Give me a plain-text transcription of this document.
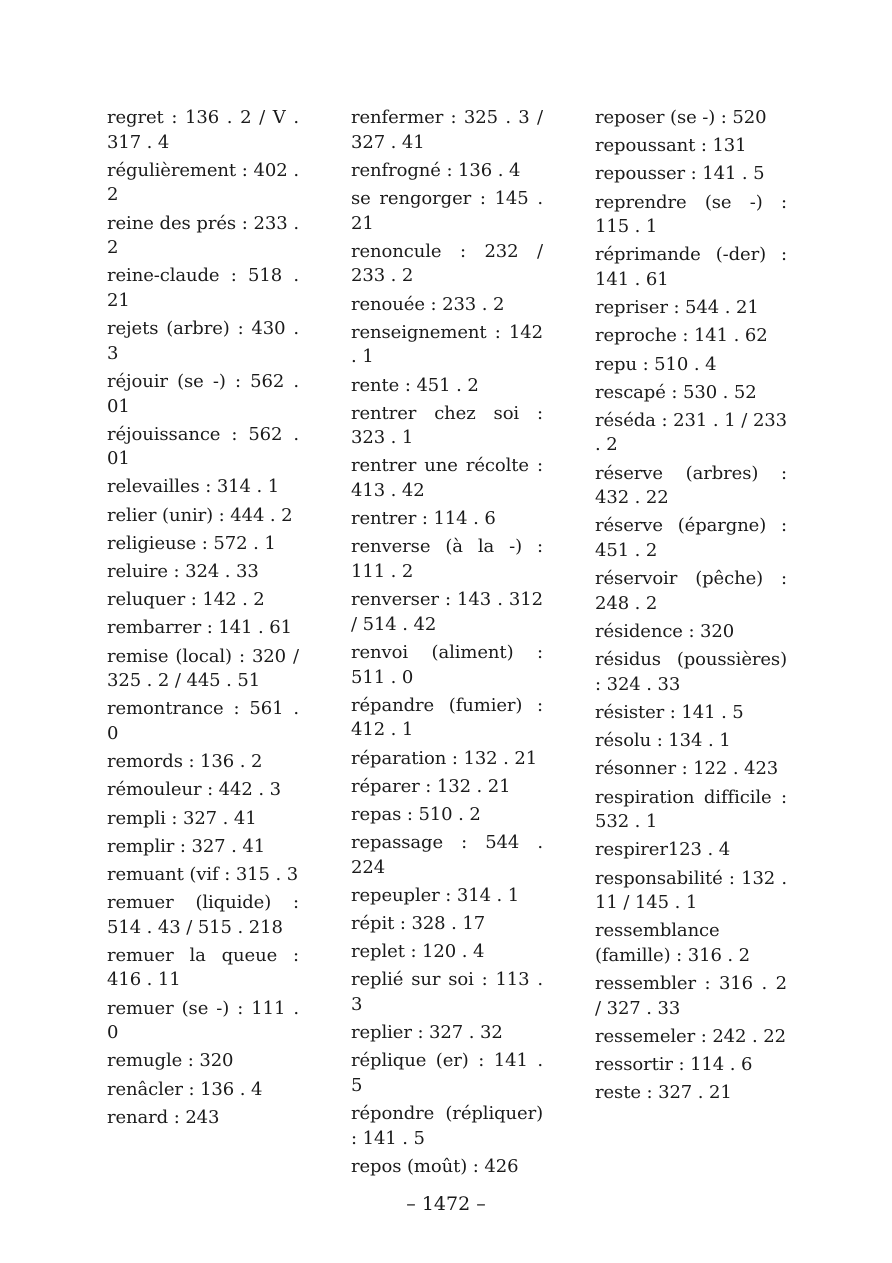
regret : 136 . 2 / V . 317 . 4
régulièrement : 402 . 2
reine des prés : 233 . 2
reine-claude : 518 . 21
rejets (arbre) : 430 . 3
réjouir (se -) : 562 . 01
réjouissance : 562 . 01
relevailles : 314 . 1
relier (unir) : 444 . 2
religieuse : 572 . 1
reluire : 324 . 33
reluquer : 142 . 2
rembarrer : 141 . 61
remise (local) : 320 / 325 . 2 / 445 . 51
remontrance : 561 . 0
remords : 136 . 2
rémouleur : 442 . 3
rempli : 327 . 41
remplir : 327 . 41
remuant (vif : 315 . 3
remuer (liquide) : 514 . 43 / 515 . 218
remuer la queue : 416 . 11
remuer (se -) : 111 . 0
remugle : 320
renâcler : 136 . 4
renard : 243
renfermer : 325 . 3 / 327 . 41
renfrogné : 136 . 4
se rengorger : 145 . 21
renoncule : 232 / 233 . 2
renouée : 233 . 2
renseignement : 142 . 1
rente : 451 . 2
rentrer chez soi : 323 . 1
rentrer une récolte : 413 . 42
rentrer : 114 . 6
renverse (à la -) : 111 . 2
renverser : 143 . 312 / 514 . 42
renvoi (aliment) : 511 . 0
répandre (fumier) : 412 . 1
réparation : 132 . 21
réparer : 132 . 21
repas : 510 . 2
repassage : 544 . 224
repeupler : 314 . 1
répit : 328 . 17
replet : 120 . 4
replié sur soi : 113 . 3
replier : 327 . 32
réplique (er) : 141 . 5
répondre (répliquer) : 141 . 5
repos (moût) : 426
reposer (se -) : 520
repoussant : 131
repousser : 141 . 5
reprendre (se -) : 115 . 1
réprimande (-der) : 141 . 61
repriser : 544 . 21
reproche : 141 . 62
repu : 510 . 4
rescapé : 530 . 52
réséda : 231 . 1 / 233 . 2
réserve (arbres) : 432 . 22
réserve (épargne) : 451 . 2
réservoir (pêche) : 248 . 2
résidence : 320
résidus (poussières) : 324 . 33
résister : 141 . 5
résolu : 134 . 1
résonner : 122 . 423
respiration difficile : 532 . 1
respirer123 . 4
responsabilité : 132 . 11 / 145 . 1
ressemblance (famille) : 316 . 2
ressembler : 316 . 2 / 327 . 33
ressemeler : 242 . 22
ressortir : 114 . 6
reste : 327 . 21
– 1472 –
